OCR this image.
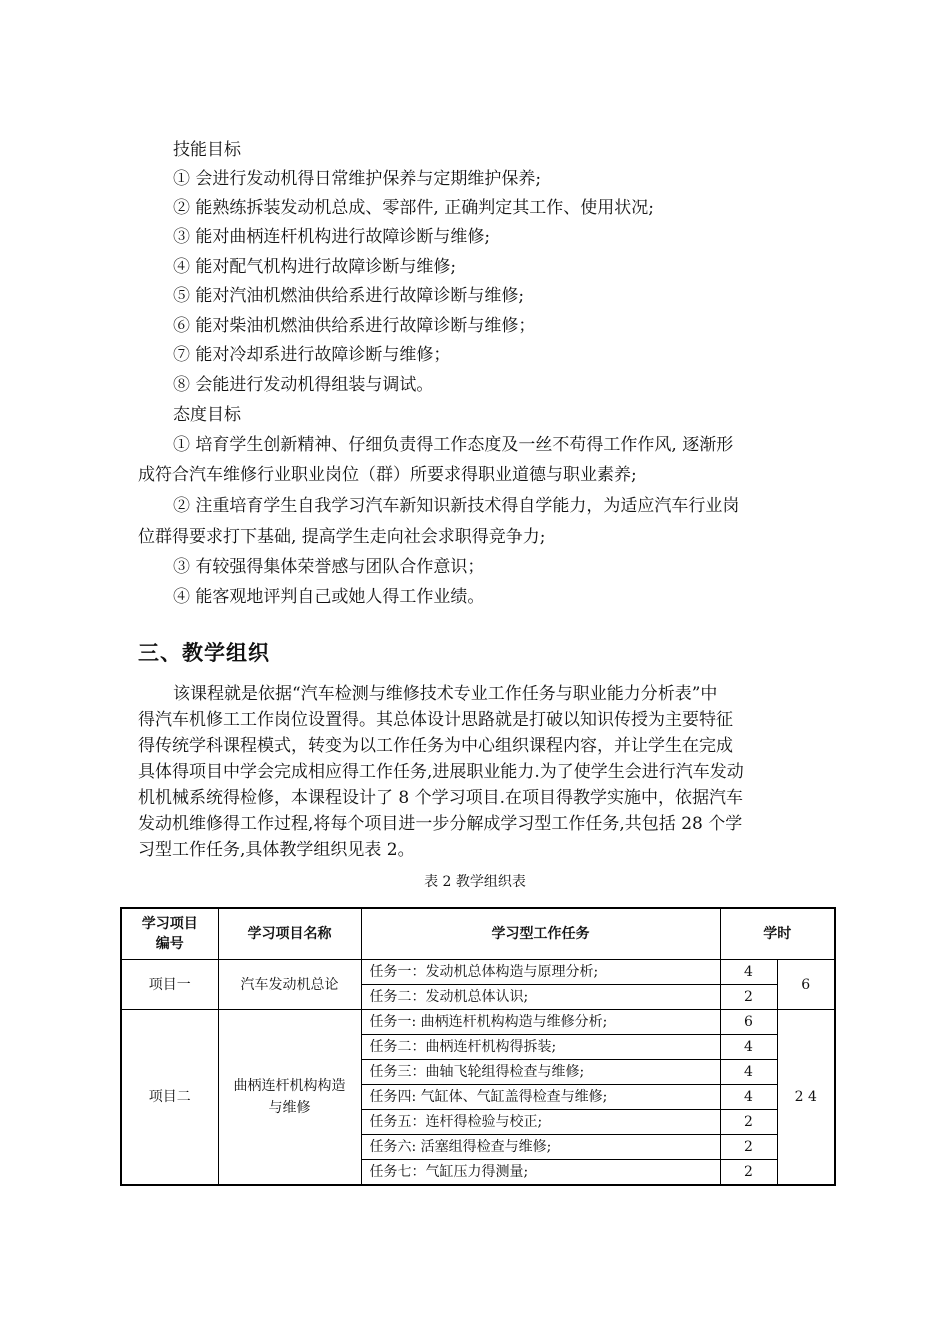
技能目标
① 会进行发动机得日常维护保养与定期维护保养;
② 能熟练拆装发动机总成、零部件, 正确判定其工作、使用状况;
③ 能对曲柄连杆机构进行故障诊断与维修;
④ 能对配气机构进行故障诊断与维修;
⑤ 能对汽油机燃油供给系进行故障诊断与维修;
⑥ 能对柴油机燃油供给系进行故障诊断与维修；
⑦ 能对冷却系进行故障诊断与维修；
⑧ 会能进行发动机得组装与调试。
态度目标
① 培育学生创新精神、仔细负责得工作态度及一丝不苟得工作作风, 逐渐形
成符合汽车维修行业职业岗位（群）所要求得职业道德与职业素养;
② 注重培育学生自我学习汽车新知识新技术得自学能力，为适应汽车行业岗
位群得要求打下基础, 提高学生走向社会求职得竞争力;
③ 有较强得集体荣誉感与团队合作意识；
④ 能客观地评判自己或她人得工作业绩。
三、教学组织
该课程就是依据“汽车检测与维修技术专业工作任务与职业能力分析表”中
得汽车机修工工作岗位设置得。其总体设计思路就是打破以知识传授为主要特征
得传统学科课程模式，转变为以工作任务为中心组织课程内容，并让学生在完成
具体得项目中学会完成相应得工作任务,进展职业能力.为了使学生会进行汽车发动
机机械系统得检修，本课程设计了 8 个学习项目.在项目得教学实施中，依据汽车
发动机维修得工作过程,将每个项目进一步分解成学习型工作任务,共包括 28 个学
习型工作任务,具体教学组织见表 2。
表 2 教学组织表
学习项目编号	学习项目名称	学习型工作任务	学时	
项目一	汽车发动机总论	任务一：发动机总体构造与原理分析;	4	6
		任务二：发动机总体认识;	2	
项目二	曲柄连杆机构构造与维修	任务一: 曲柄连杆机构构造与维修分析;	6	2 4
		任务二：曲柄连杆机构得拆装;	4	
		任务三：曲轴飞轮组得检查与维修;	4	
		任务四: 气缸体、气缸盖得检查与维修;	4	
		任务五：连杆得检验与校正;	2	
		任务六: 活塞组得检查与维修;	2	
		任务七：气缸压力得测量;	2	
